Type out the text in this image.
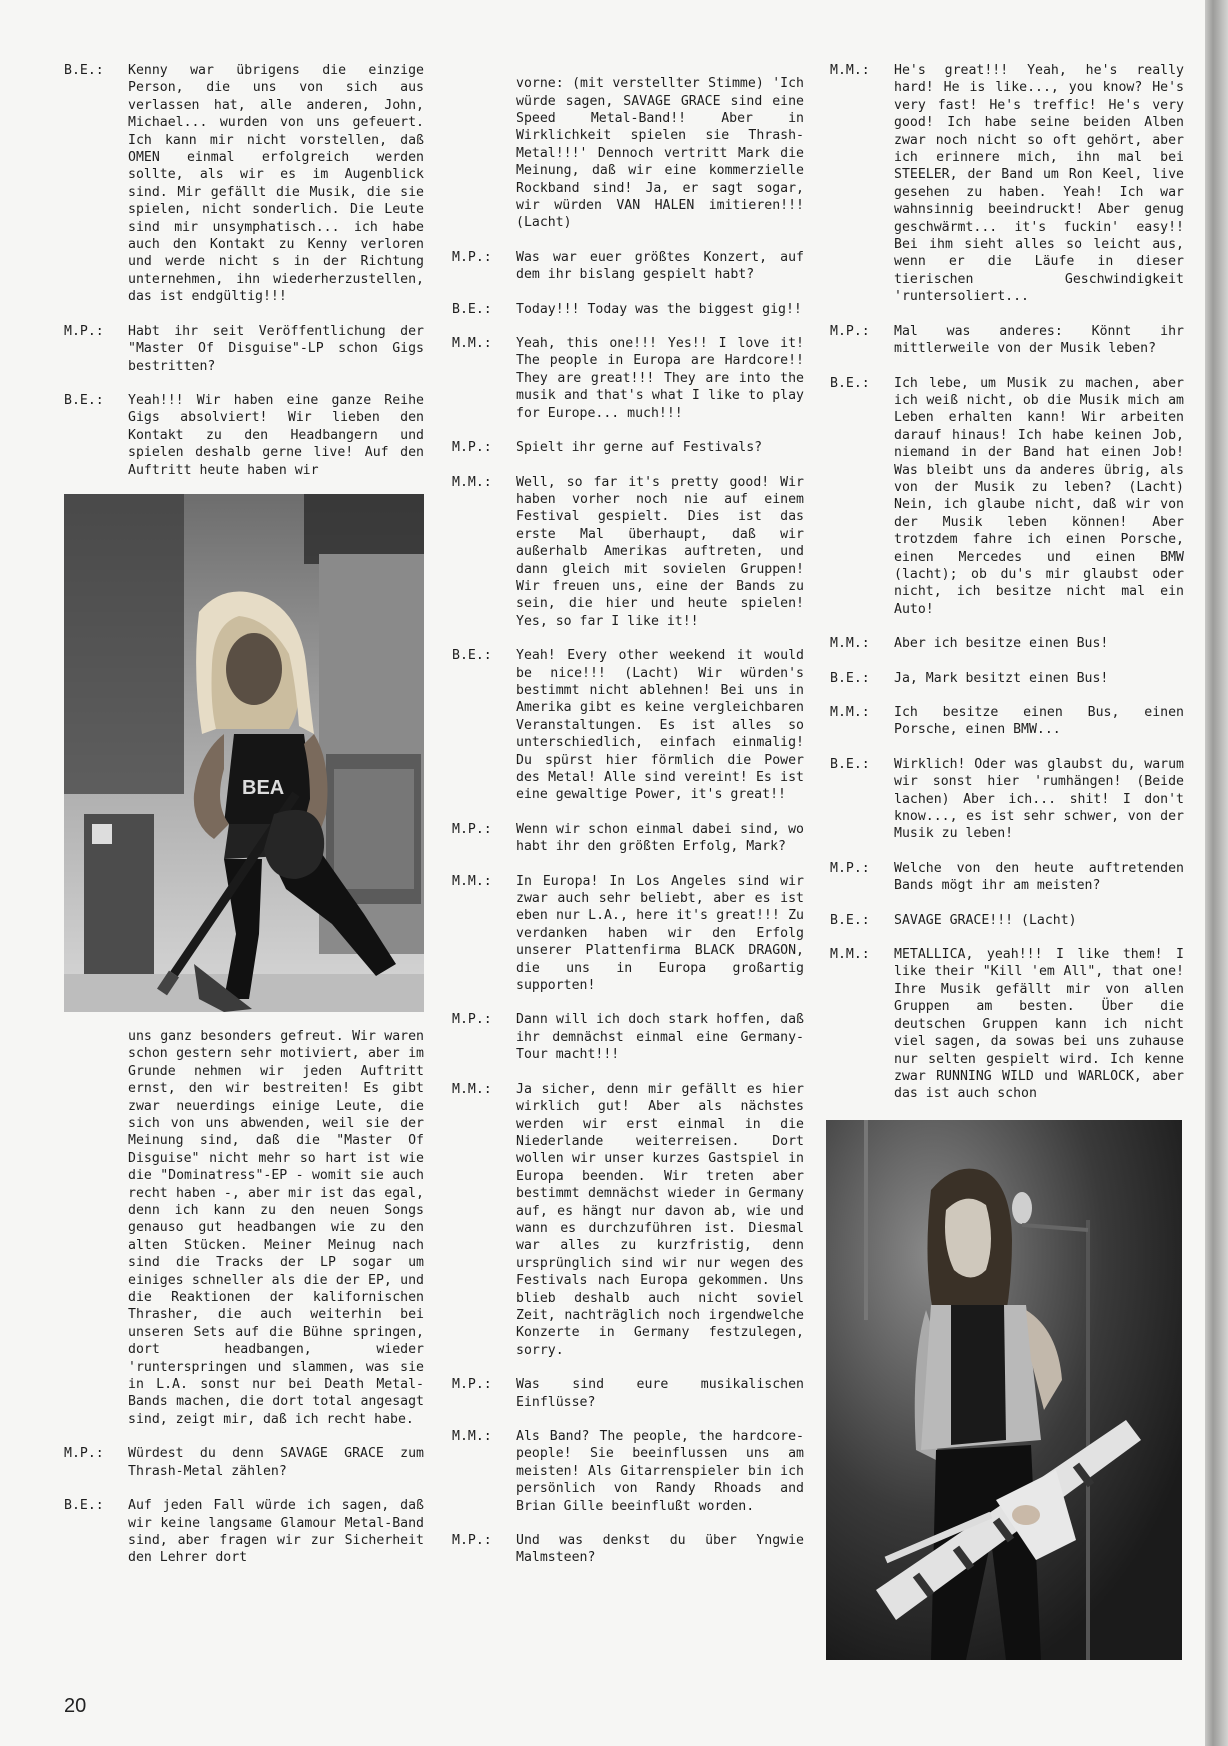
B.E.:	Kenny war übrigens die einzige Person, die uns von sich aus verlassen hat, alle anderen, John, Michael... wurden von uns gefeuert. Ich kann mir nicht vorstellen, daß OMEN einmal erfolgreich werden sollte, als wir es im Augenblick sind. Mir gefällt die Musik, die sie spielen, nicht sonderlich. Die Leute sind mir unsymphatisch... ich habe auch den Kontakt zu Kenny verloren und werde nicht s in der Richtung unternehmen, ihn wiederherzustellen, das ist endgültig!!!

M.P.:	Habt ihr seit Veröffentlichung der "Master Of Disguise"-LP schon Gigs bestritten?

B.E.:	Yeah!!! Wir haben eine ganze Reihe Gigs absolviert! Wir lieben den Kontakt zu den Headbangern und spielen deshalb gerne live! Auf den Auftritt heute haben wir

BEA

uns ganz besonders gefreut. Wir waren schon gestern sehr motiviert, aber im Grunde nehmen wir jeden Auftritt ernst, den wir bestreiten! Es gibt zwar neuerdings einige Leute, die sich von uns abwenden, weil sie der Meinung sind, daß die "Master Of Disguise" nicht mehr so hart ist wie die "Dominatress"-EP - womit sie auch recht haben -, aber mir ist das egal, denn ich kann zu den neuen Songs genauso gut headbangen wie zu den alten Stücken. Meiner Meinug nach sind die Tracks der LP sogar um einiges schneller als die der EP, und die Reaktionen der kalifornischen Thrasher, die auch weiterhin bei unseren Sets auf die Bühne springen, dort headbangen, wieder 'runterspringen und slammen, was sie in L.A. sonst nur bei Death Metal-Bands machen, die dort total angesagt sind, zeigt mir, daß ich recht habe.

M.P.:	Würdest du denn SAVAGE GRACE zum Thrash-Metal zählen?

B.E.:	Auf jeden Fall würde ich sagen, daß wir keine langsame Glamour Metal-Band sind, aber fragen wir zur Sicherheit den Lehrer dort

vorne: (mit verstellter Stimme) 'Ich würde sagen, SAVAGE GRACE sind eine Speed Metal-Band!! Aber in Wirklichkeit spielen sie Thrash-Metal!!!' Dennoch vertritt Mark die Meinung, daß wir eine kommerzielle Rockband sind! Ja, er sagt sogar, wir würden VAN HALEN imitieren!!! (Lacht)

M.P.:	Was war euer größtes Konzert, auf dem ihr bislang gespielt habt?

B.E.:	Today!!! Today was the biggest gig!!

M.M.:	Yeah, this one!!! Yes!! I love it! The people in Europa are Hardcore!! They are great!!! They are into the musik and that's what I like to play for Europe... much!!!

M.P.:	Spielt ihr gerne auf Festivals?

M.M.:	Well, so far it's pretty good! Wir haben vorher noch nie auf einem Festival gespielt. Dies ist das erste Mal überhaupt, daß wir außerhalb Amerikas auftreten, und dann gleich mit sovielen Gruppen! Wir freuen uns, eine der Bands zu sein, die hier und heute spielen! Yes, so far I like it!!

B.E.:	Yeah! Every other weekend it would be nice!!! (Lacht) Wir würden's bestimmt nicht ablehnen! Bei uns in Amerika gibt es keine vergleichbaren Veranstaltungen. Es ist alles so unterschiedlich, einfach einmalig! Du spürst hier förmlich die Power des Metal! Alle sind vereint! Es ist eine gewaltige Power, it's great!!

M.P.:	Wenn wir schon einmal dabei sind, wo habt ihr den größten Erfolg, Mark?

M.M.:	In Europa! In Los Angeles sind wir zwar auch sehr beliebt, aber es ist eben nur L.A., here it's great!!! Zu verdanken haben wir den Erfolg unserer Plattenfirma BLACK DRAGON, die uns in Europa großartig supporten!

M.P.:	Dann will ich doch stark hoffen, daß ihr demnächst einmal eine Germany-Tour macht!!!

M.M.:	Ja sicher, denn mir gefällt es hier wirklich gut! Aber als nächstes werden wir erst einmal in die Niederlande weiterreisen. Dort wollen wir unser kurzes Gastspiel in Europa beenden. Wir treten aber bestimmt demnächst wieder in Germany auf, es hängt nur davon ab, wie und wann es durchzuführen ist. Diesmal war alles zu kurzfristig, denn ursprünglich sind wir nur wegen des Festivals nach Europa gekommen. Uns blieb deshalb auch nicht soviel Zeit, nachträglich noch irgendwelche Konzerte in Germany festzulegen, sorry.

M.P.:	Was sind eure musikalischen Einflüsse?

M.M.:	Als Band? The people, the hardcore-people! Sie beeinflussen uns am meisten! Als Gitarrenspieler bin ich persönlich von Randy Rhoads and Brian Gille beeinflußt worden.

M.P.:	Und was denkst du über Yngwie Malmsteen?

M.M.:	He's great!!! Yeah, he's really hard! He is like..., you know? He's very fast! He's treffic! He's very good! Ich habe seine beiden Alben zwar noch nicht so oft gehört, aber ich erinnere mich, ihn mal bei STEELER, der Band um Ron Keel, live gesehen zu haben. Yeah! Ich war wahnsinnig beeindruckt! Aber genug geschwärmt... it's fuckin' easy!! Bei ihm sieht alles so leicht aus, wenn er die Läufe in dieser tierischen Geschwindigkeit 'runtersoliert...

M.P.:	Mal was anderes: Könnt ihr mittlerweile von der Musik leben?

B.E.:	Ich lebe, um Musik zu machen, aber ich weiß nicht, ob die Musik mich am Leben erhalten kann! Wir arbeiten darauf hinaus! Ich habe keinen Job, niemand in der Band hat einen Job! Was bleibt uns da anderes übrig, als von der Musik zu leben? (Lacht) Nein, ich glaube nicht, daß wir von der Musik leben können! Aber trotzdem fahre ich einen Porsche, einen Mercedes und einen BMW (lacht); ob du's mir glaubst oder nicht, ich besitze nicht mal ein Auto!

M.M.:	Aber ich besitze einen Bus!

B.E.:	Ja, Mark besitzt einen Bus!

M.M.:	Ich besitze einen Bus, einen Porsche, einen BMW...

B.E.:	Wirklich! Oder was glaubst du, warum wir sonst hier 'rumhängen! (Beide lachen) Aber ich... shit! I don't know..., es ist sehr schwer, von der Musik zu leben!

M.P.:	Welche von den heute auftretenden Bands mögt ihr am meisten?

B.E.:	SAVAGE GRACE!!! (Lacht)

M.M.:	METALLICA, yeah!!! I like them! I like their "Kill 'em All", that one! Ihre Musik gefällt mir von allen Gruppen am besten. Über die deutschen Gruppen kann ich nicht viel sagen, da sowas bei uns zuhause nur selten gespielt wird. Ich kenne zwar RUNNING WILD und WARLOCK, aber das ist auch schon

20
